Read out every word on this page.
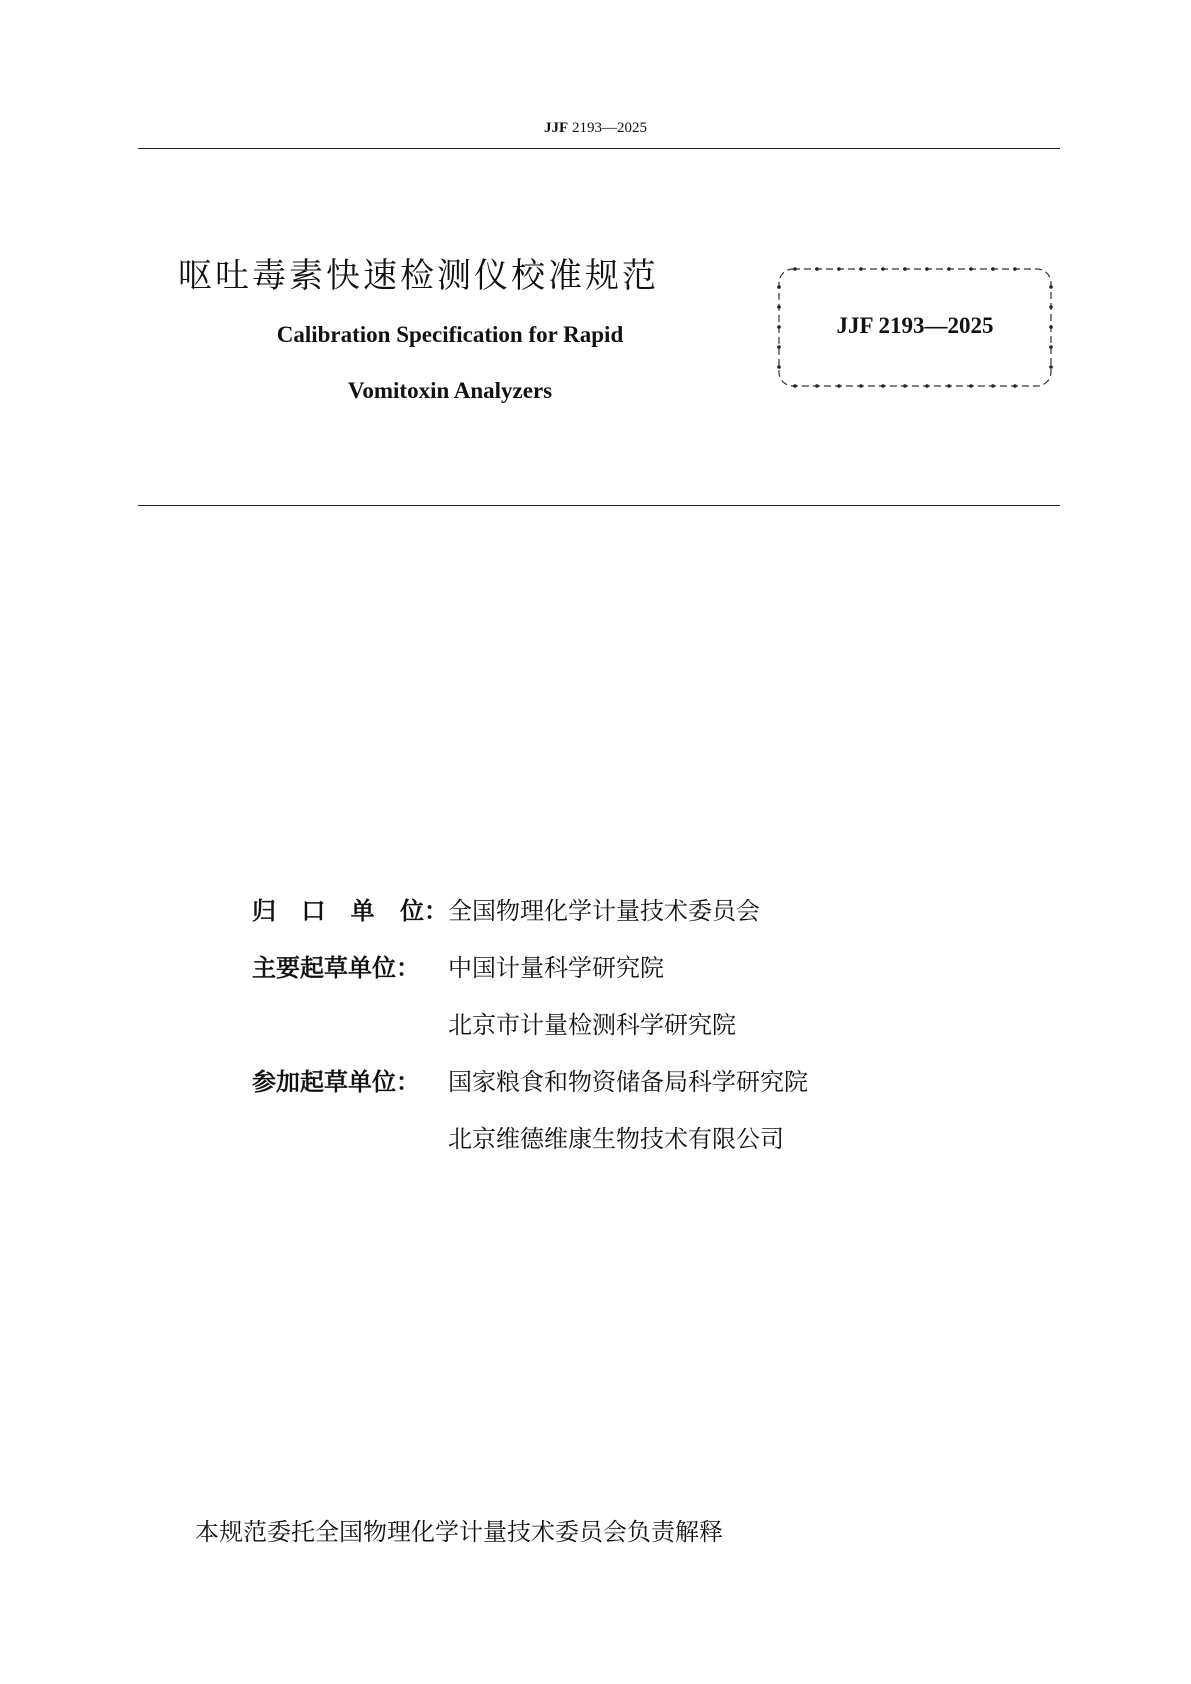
JJF 2193—2025
呕吐毒素快速检测仪校准规范
Calibration Specification for Rapid
Vomitoxin Analyzers
JJF 2193—2025
归 口 单 位： 全国物理化学计量技术委员会
主要起草单位：	中国计量科学研究院
北京市计量检测科学研究院
参加起草单位：	国家粮食和物资储备局科学研究院
北京维德维康生物技术有限公司
本规范委托全国物理化学计量技术委员会负责解释
